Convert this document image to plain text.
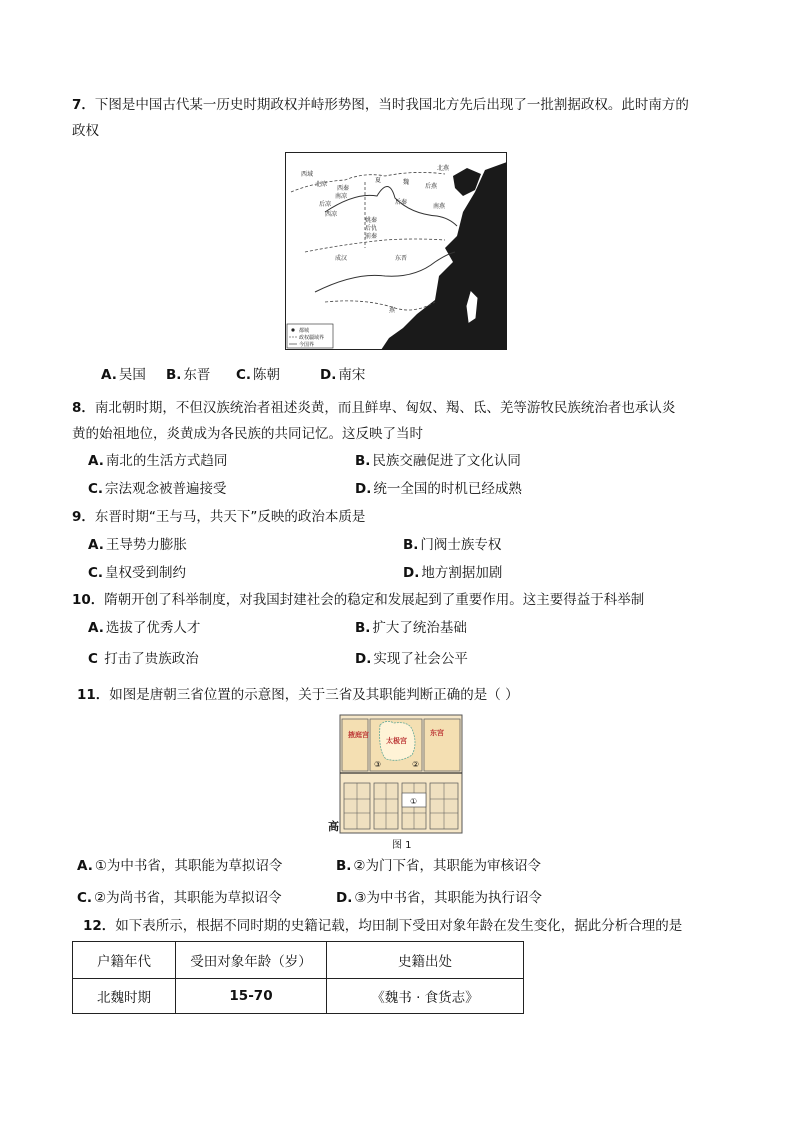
7．下图是中国古代某一历史时期政权并峙形势图，当时我国北方先后出现了一批割据政权。此时南方的
政权
西域
北凉
西秦
南凉
后凉
夏	魏
北燕
后燕
南燕
后秦
西凉
成汉	东晋
姚秦
后仇
前秦
燕
都城
政权疆域界
今国界
A. 吴国 B. 东晋 C. 陈朝	D. 南宋
8．南北朝时期，不但汉族统治者祖述炎黄，而且鲜卑、匈奴、羯、氐、羌等游牧民族统治者也承认炎
黄的始祖地位，炎黄成为各民族的共同记忆。这反映了当时
A. 南北的生活方式趋同	B. 民族交融促进了文化认同
C. 宗法观念被普遍接受	D. 统一全国的时机已经成熟
9．东晋时期“王与马，共天下”反映的政治本质是
A. 王导势力膨胀	B. 门阀士族专权
C. 皇权受到制约	D. 地方割据加剧
10．隋朝开创了科举制度，对我国封建社会的稳定和发展起到了重要作用。这主要得益于科举制
A. 选拔了优秀人才	B. 扩大了统治基础
C 打击了贵族政治	D. 实现了社会公平
11．如图是唐朝三省位置的示意图，关于三省及其职能判断正确的是（ ）
掖庭宫
太极宫
东宫
③	②
①
高
图 1
A. ①为中书省，其职能为草拟诏令	B. ②为门下省，其职能为审核诏令
C. ②为尚书省，其职能为草拟诏令	D. ③为中书省，其职能为执行诏令
12．如下表所示，根据不同时期的史籍记载，均田制下受田对象年龄在发生变化，据此分析合理的是
户籍年代	受田对象年龄（岁）	史籍出处
北魏时期	15-70	《魏书 · 食货志》
